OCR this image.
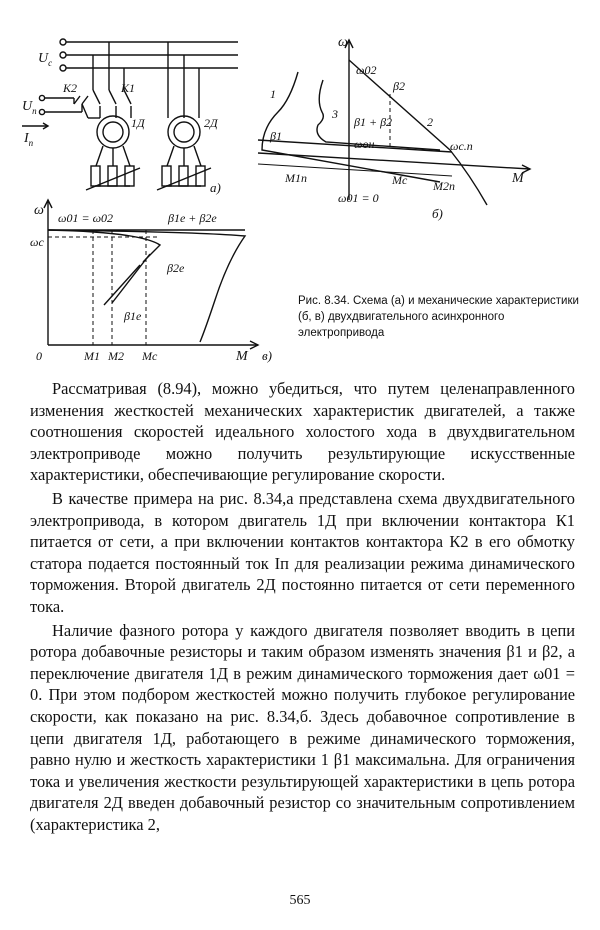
$U_c$
$U_п$
$I_п$
K2	K1
1Д	2Д
a)
ω
ω02
β2
1
3
β1
β1 + β2	2
ωон	ωс.п
M1п	Mc M2п	M
ω01 = 0
б)
ω ω01 = ω02
ωс
β1e + β2e
β2e
β1e
0	M1 M2 Mc	M в)
Рис. 8.34. Схема (а) и механические характеристики (б, в) двухдвигательного асинхронного электропривода

Рассматривая (8.94), можно убедиться, что путем целенаправленного изменения жесткостей механических характеристик двигателей, а также соотношения скоростей идеального холостого хода в двухдвигательном электроприводе можно получить результирующие искусственные характеристики, обеспечивающие регулирование скорости.

В качестве примера на рис. 8.34,а представлена схема двухдвигательного электропривода, в котором двигатель 1Д при включении контактора К1 питается от сети, а при включении контактов контактора К2 в его обмотку статора подается постоянный ток Iп для реализации режима динамического торможения. Второй двигатель 2Д постоянно питается от сети переменного тока.

Наличие фазного ротора у каждого двигателя позволяет вводить в цепи ротора добавочные резисторы и таким образом изменять значения β1 и β2, а переключение двигателя 1Д в режим динамического торможения дает ω01 = 0. При этом подбором жесткостей можно получить глубокое регулирование скорости, как показано на рис. 8.34,б. Здесь добавочное сопротивление в цепи двигателя 1Д, работающего в режиме динамического торможения, равно нулю и жесткость характеристики 1 β1 максимальна. Для ограничения тока и увеличения жесткости результирующей характеристики в цепь ротора двигателя 2Д введен добавочный резистор со значительным сопротивлением (характеристика 2,

565
